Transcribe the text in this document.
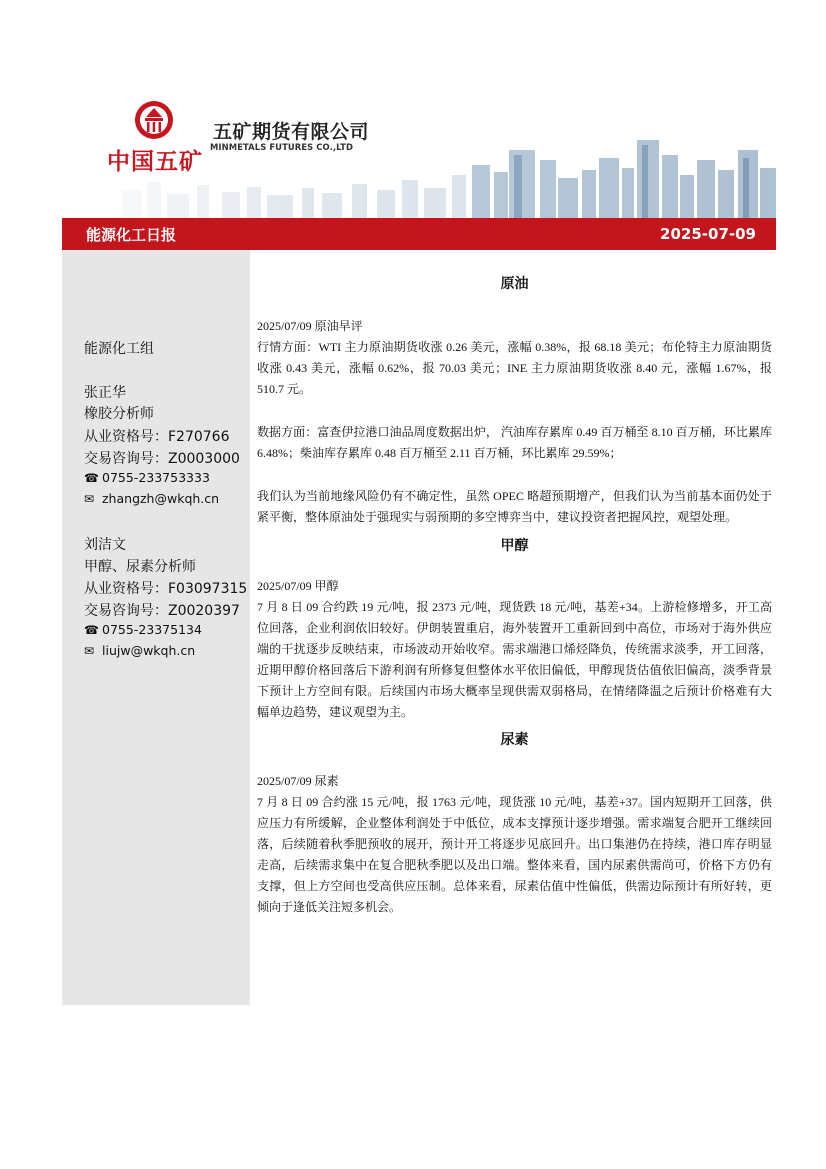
中国五矿
五矿期货有限公司
MINMETALS FUTURES CO.,LTD
能源化工日报	2025-07-09
能源化工组
张正华
橡胶分析师
从业资格号：F270766
交易咨询号：Z0003000
☎ 0755-233753333
✉ zhangzh@wkqh.cn
刘洁文
甲醇、尿素分析师
从业资格号：F03097315
交易咨询号：Z0020397
☎ 0755-23375134
✉ liujw@wkqh.cn
原油

2025/07/09 原油早评

行情方面：WTI 主力原油期货收涨 0.26 美元，涨幅 0.38%，报 68.18 美元；布伦特主力原油期货收涨 0.43 美元，涨幅 0.62%，报 70.03 美元；INE 主力原油期货收涨 8.40 元，涨幅 1.67%，报 510.7 元。

数据方面：富查伊拉港口油品周度数据出炉， 汽油库存累库 0.49 百万桶至 8.10 百万桶，环比累库 6.48%；柴油库存累库 0.48 百万桶至 2.11 百万桶，环比累库 29.59%；

我们认为当前地缘风险仍有不确定性，虽然 OPEC 略超预期增产，但我们认为当前基本面仍处于紧平衡，整体原油处于强现实与弱预期的多空博弈当中，建议投资者把握风控，观望处理。

甲醇

2025/07/09 甲醇

7 月 8 日 09 合约跌 19 元/吨，报 2373 元/吨，现货跌 18 元/吨，基差+34。上游检修增多，开工高位回落，企业利润依旧较好。伊朗装置重启，海外装置开工重新回到中高位，市场对于海外供应端的干扰逐步反映结束，市场波动开始收窄。需求端港口烯烃降负，传统需求淡季，开工回落，近期甲醇价格回落后下游利润有所修复但整体水平依旧偏低，甲醇现货估值依旧偏高，淡季背景下预计上方空间有限。后续国内市场大概率呈现供需双弱格局，在情绪降温之后预计价格难有大幅单边趋势，建议观望为主。

尿素

2025/07/09 尿素

7 月 8 日 09 合约涨 15 元/吨，报 1763 元/吨，现货涨 10 元/吨，基差+37。国内短期开工回落，供应压力有所缓解，企业整体利润处于中低位，成本支撑预计逐步增强。需求端复合肥开工继续回落，后续随着秋季肥预收的展开，预计开工将逐步见底回升。出口集港仍在持续，港口库存明显走高，后续需求集中在复合肥秋季肥以及出口端。整体来看，国内尿素供需尚可，价格下方仍有支撑，但上方空间也受高供应压制。总体来看，尿素估值中性偏低，供需边际预计有所好转，更倾向于逢低关注短多机会。
